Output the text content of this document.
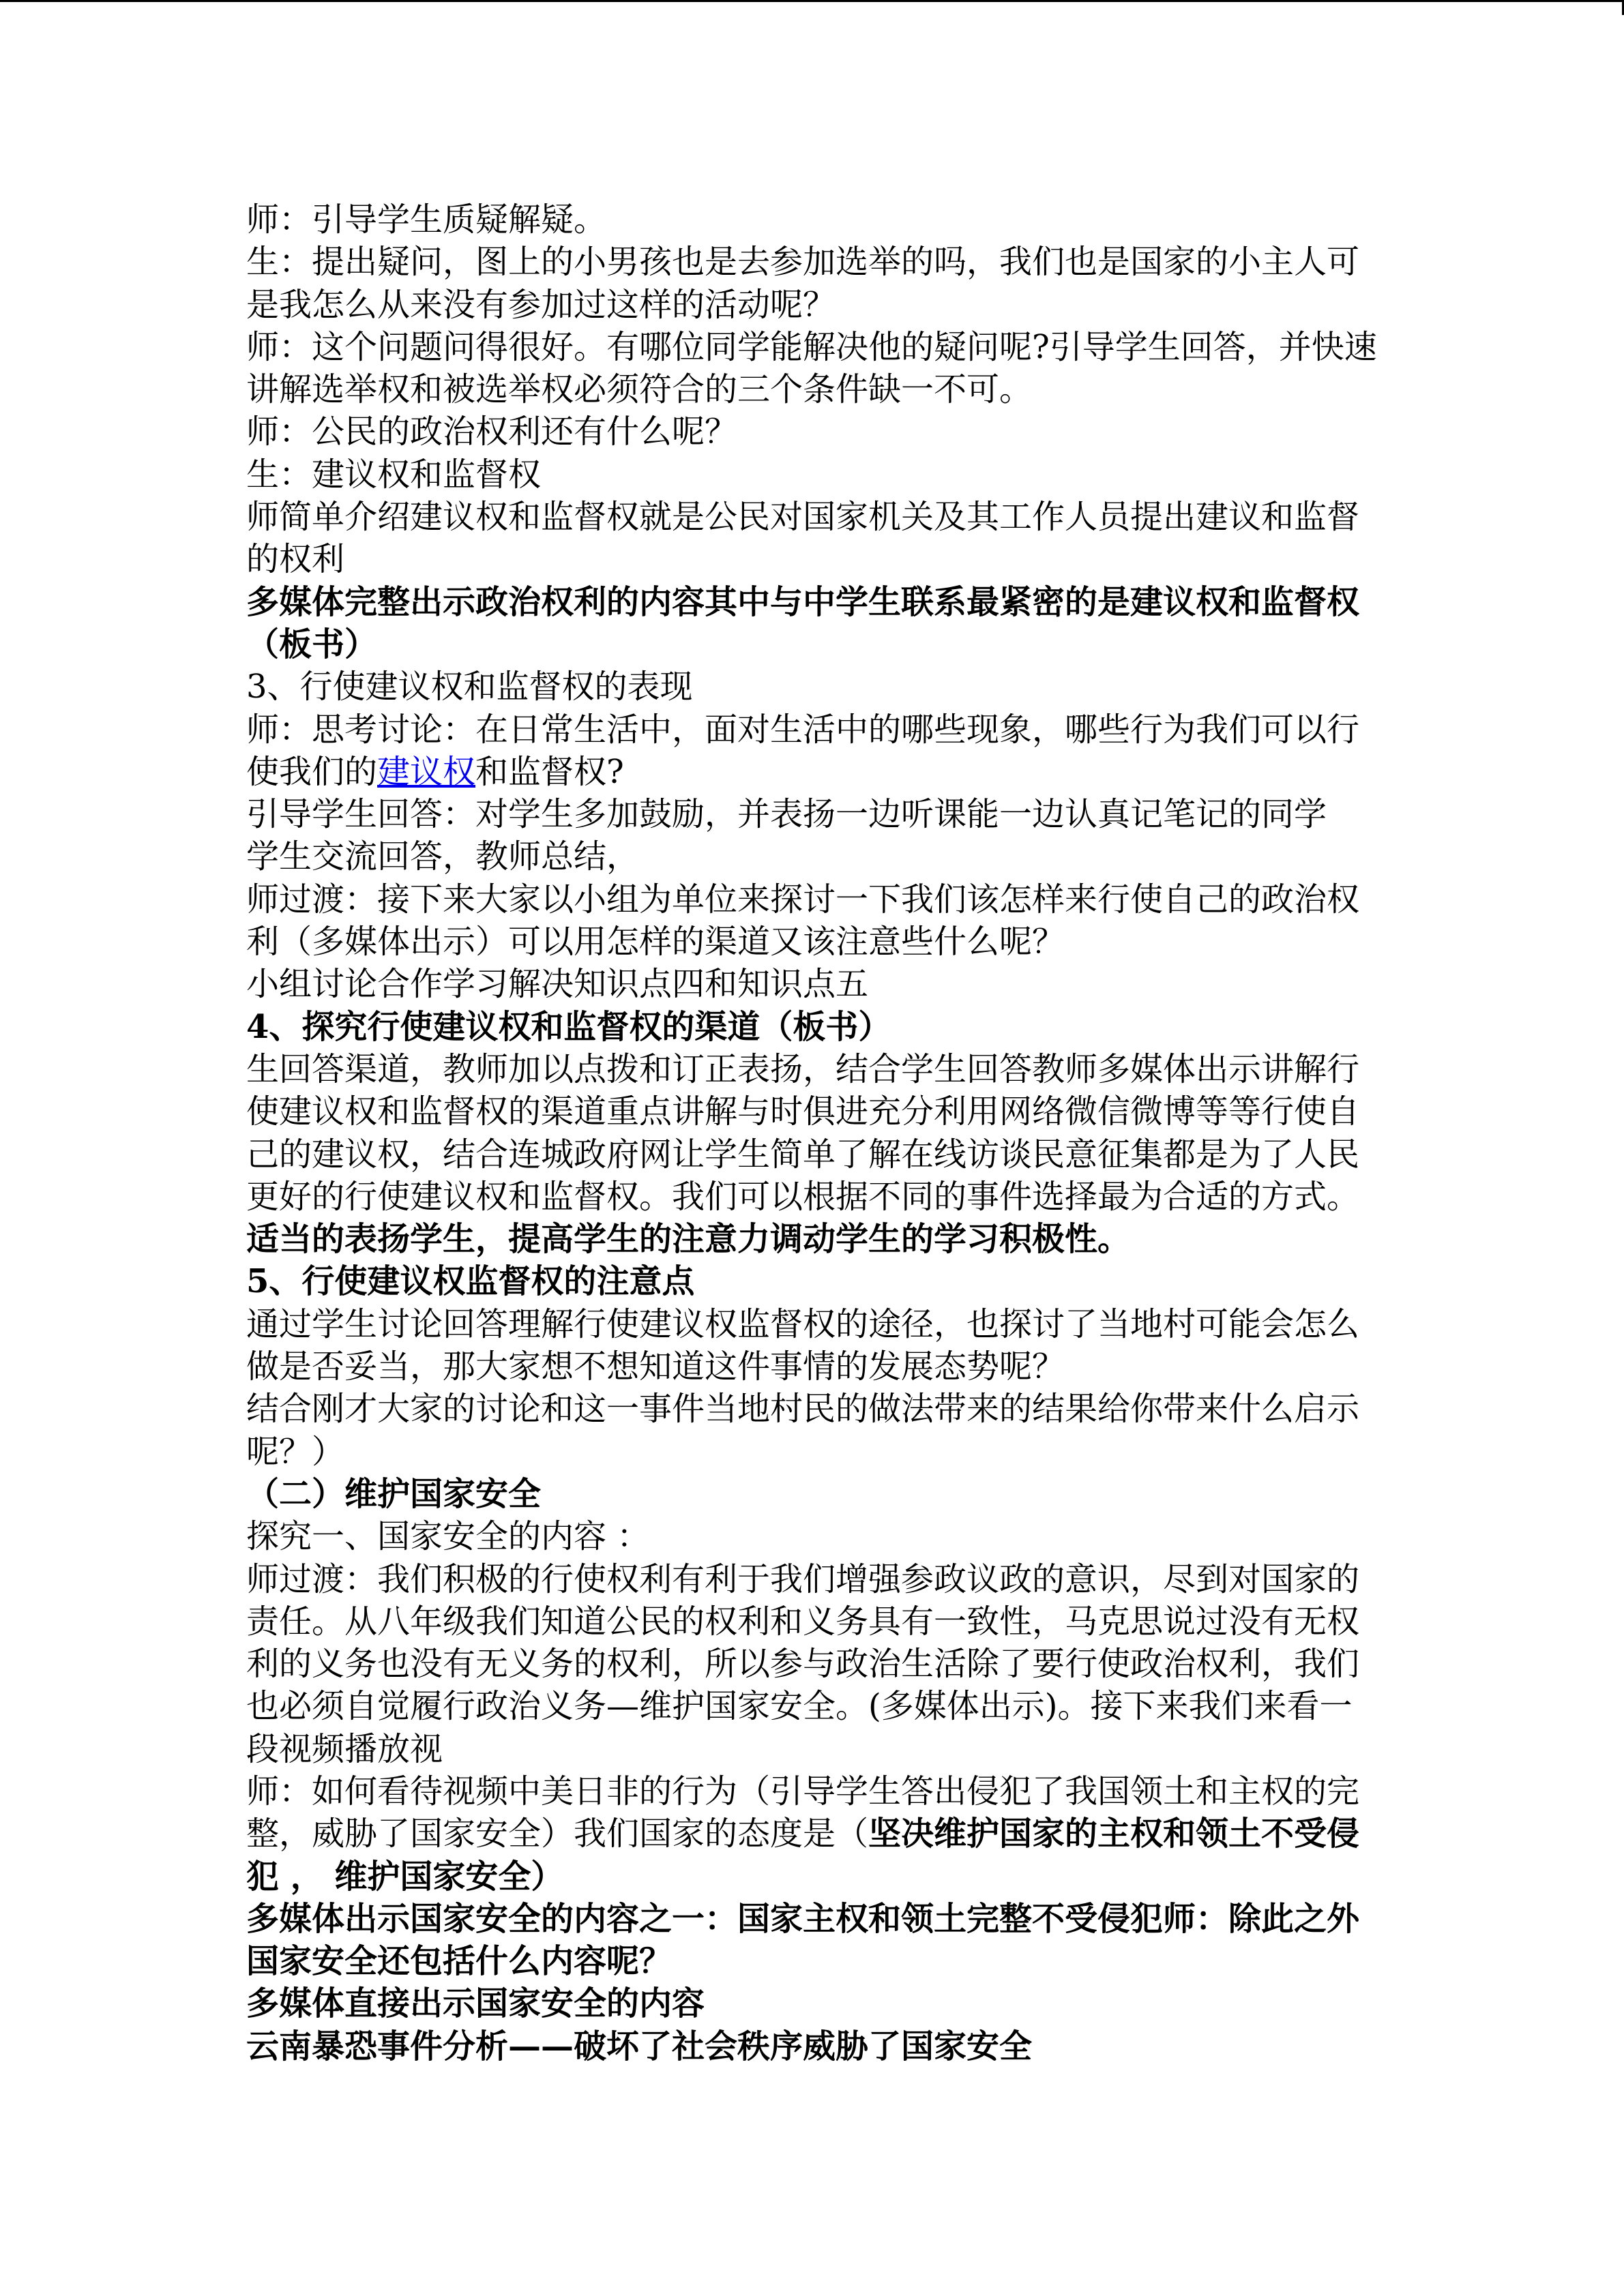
师：引导学生质疑解疑。
生：提出疑问，图上的小男孩也是去参加选举的吗，我们也是国家的小主人可
是我怎么从来没有参加过这样的活动呢？
师：这个问题问得很好。有哪位同学能解决他的疑问呢?引导学生回答，并快速
讲解选举权和被选举权必须符合的三个条件缺一不可。
师：公民的政治权利还有什么呢？
生：建议权和监督权
师简单介绍建议权和监督权就是公民对国家机关及其工作人员提出建议和监督
的权利
多媒体完整出示政治权利的内容其中与中学生联系最紧密的是建议权和监督权
（板书）
3、行使建议权和监督权的表现
师：思考讨论：在日常生活中，面对生活中的哪些现象，哪些行为我们可以行
使我们的建议权和监督权?
引导学生回答：对学生多加鼓励，并表扬一边听课能一边认真记笔记的同学
学生交流回答，教师总结，
师过渡：接下来大家以小组为单位来探讨一下我们该怎样来行使自己的政治权
利（多媒体出示）可以用怎样的渠道又该注意些什么呢？
小组讨论合作学习解决知识点四和知识点五
4、探究行使建议权和监督权的渠道（板书）
生回答渠道，教师加以点拨和订正表扬，结合学生回答教师多媒体出示讲解行
使建议权和监督权的渠道重点讲解与时俱进充分利用网络微信微博等等行使自
己的建议权，结合连城政府网让学生简单了解在线访谈民意征集都是为了人民
更好的行使建议权和监督权。我们可以根据不同的事件选择最为合适的方式。
适当的表扬学生，提高学生的注意力调动学生的学习积极性。
5、行使建议权监督权的注意点
通过学生讨论回答理解行使建议权监督权的途径，也探讨了当地村可能会怎么
做是否妥当，那大家想不想知道这件事情的发展态势呢？
结合刚才大家的讨论和这一事件当地村民的做法带来的结果给你带来什么启示
呢？）
（二）维护国家安全
探究一、国家安全的内容 ：
师过渡：我们积极的行使权利有利于我们增强参政议政的意识，尽到对国家的
责任。从八年级我们知道公民的权利和义务具有一致性，马克思说过没有无权
利的义务也没有无义务的权利，所以参与政治生活除了要行使政治权利，我们
也必须自觉履行政治义务—维护国家安全。(多媒体出示)。接下来我们来看一
段视频播放视
师：如何看待视频中美日非的行为（引导学生答出侵犯了我国领土和主权的完
整，威胁了国家安全）我们国家的态度是（坚决维护国家的主权和领土不受侵
犯 ， 维护国家安全）
多媒体出示国家安全的内容之一：国家主权和领土完整不受侵犯师：除此之外
国家安全还包括什么内容呢？
多媒体直接出示国家安全的内容
云南暴恐事件分析——破坏了社会秩序威胁了国家安全
